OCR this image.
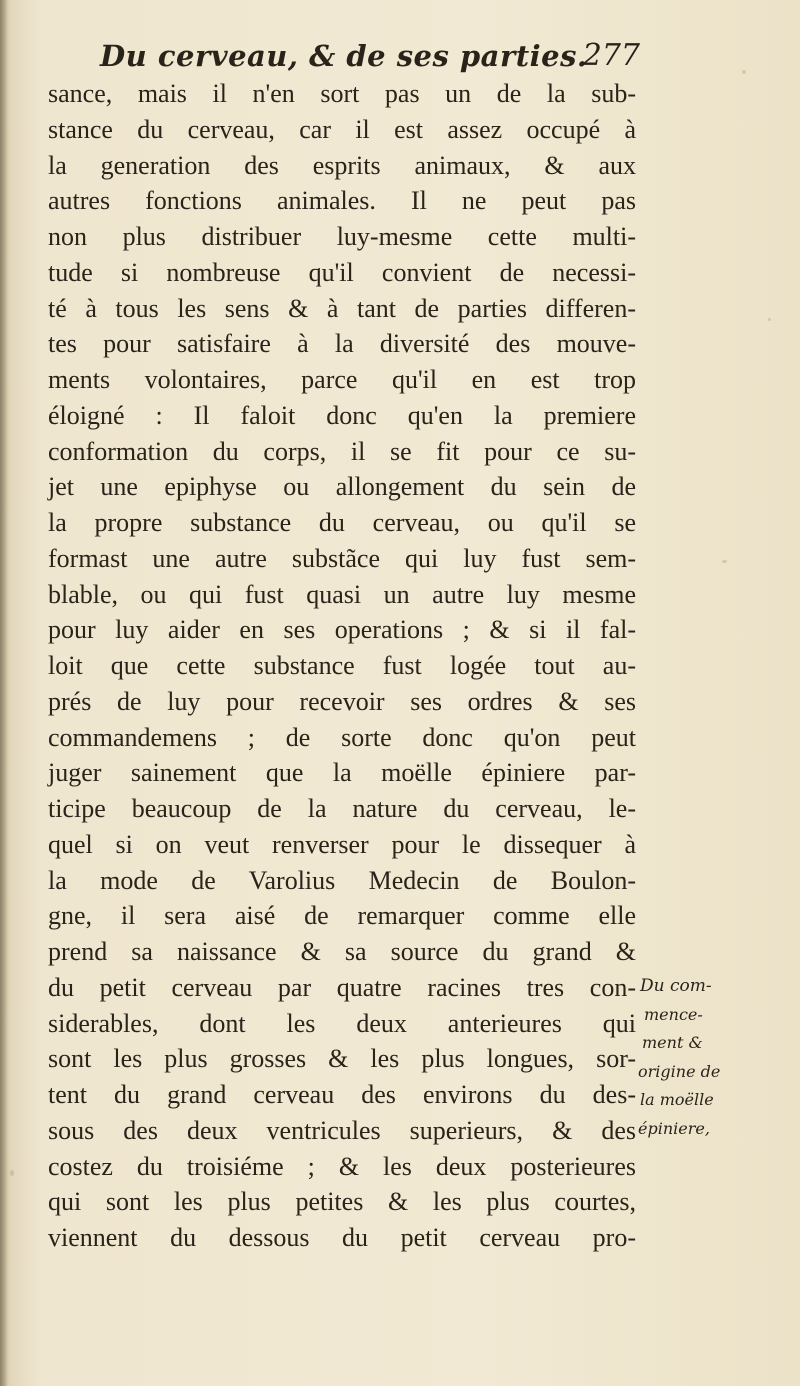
Du cerveau, & de ses parties.
277
sance, mais il n'en sort pas un de la sub-
stance du cerveau, car il est assez occupé à
la generation des esprits animaux, & aux
autres fonctions animales. Il ne peut pas
non plus distribuer luy-mesme cette multi-
tude si nombreuse qu'il convient de necessi-
té à tous les sens & à tant de parties differen-
tes pour satisfaire à la diversité des mouve-
ments volontaires, parce qu'il en est trop
éloigné : Il faloit donc qu'en la premiere
conformation du corps, il se fit pour ce su-
jet une epiphyse ou allongement du sein de
la propre substance du cerveau, ou qu'il se
formast une autre substãce qui luy fust sem-
blable, ou qui fust quasi un autre luy mesme
pour luy aider en ses operations ; & si il fal-
loit que cette substance fust logée tout au-
prés de luy pour recevoir ses ordres & ses
commandemens ; de sorte donc qu'on peut
juger sainement que la moëlle épiniere par-
ticipe beaucoup de la nature du cerveau, le-
quel si on veut renverser pour le dissequer à
la mode de Varolius Medecin de Boulon-
gne, il sera aisé de remarquer comme elle
prend sa naissance & sa source du grand &
du petit cerveau par quatre racines tres con-
siderables, dont les deux anterieures qui
sont les plus grosses & les plus longues, sor-
tent du grand cerveau des environs du des-
sous des deux ventricules superieurs, & des
costez du troisiéme ; & les deux posterieures
qui sont les plus petites & les plus courtes,
viennent du dessous du petit cerveau pro-
Du com-
mence-
ment &
origine de
la moëlle
épiniere,
